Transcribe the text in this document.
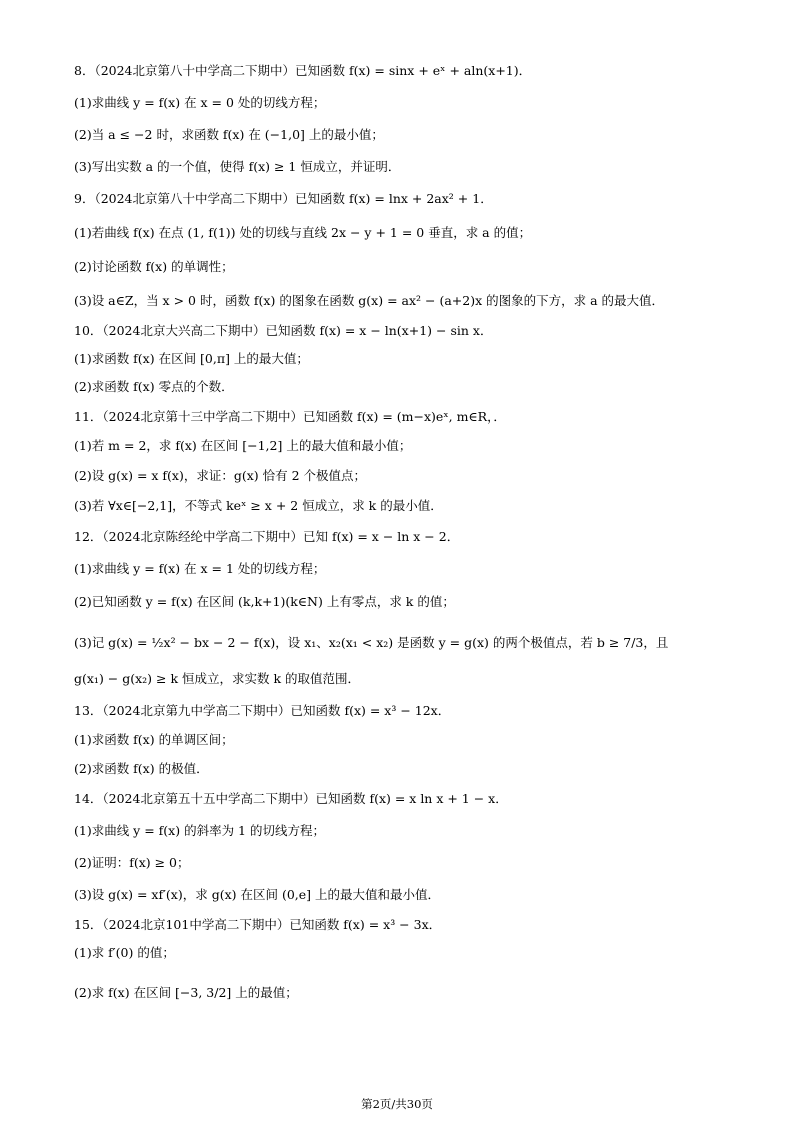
8．（2024北京第八十中学高二下期中）已知函数 f(x) = sinx + eˣ + aln(x+1)．
(1)求曲线 y = f(x) 在 x = 0 处的切线方程；
(2)当 a ≤ −2 时，求函数 f(x) 在 (−1,0] 上的最小值；
(3)写出实数 a 的一个值，使得 f(x) ≥ 1 恒成立，并证明．
9．（2024北京第八十中学高二下期中）已知函数 f(x) = lnx + 2ax² + 1．
(1)若曲线 f(x) 在点 (1, f(1)) 处的切线与直线 2x − y + 1 = 0 垂直，求 a 的值；
(2)讨论函数 f(x) 的单调性；
(3)设 a∈Z，当 x > 0 时，函数 f(x) 的图象在函数 g(x) = ax² − (a+2)x 的图象的下方，求 a 的最大值．
10．（2024北京大兴高二下期中）已知函数 f(x) = x − ln(x+1) − sin x．
(1)求函数 f(x) 在区间 [0,π] 上的最大值；
(2)求函数 f(x) 零点的个数．
11．（2024北京第十三中学高二下期中）已知函数 f(x) = (m−x)eˣ, m∈R，．
(1)若 m = 2，求 f(x) 在区间 [−1,2] 上的最大值和最小值；
(2)设 g(x) = x f(x)，求证：g(x) 恰有 2 个极值点；
(3)若 ∀x∈[−2,1]，不等式 keˣ ≥ x + 2 恒成立，求 k 的最小值．
12．（2024北京陈经纶中学高二下期中）已知 f(x) = x − ln x − 2．
(1)求曲线 y = f(x) 在 x = 1 处的切线方程；
(2)已知函数 y = f(x) 在区间 (k,k+1)(k∈N) 上有零点，求 k 的值；
(3)记 g(x) = ½x² − bx − 2 − f(x)，设 x₁、x₂(x₁ < x₂) 是函数 y = g(x) 的两个极值点，若 b ≥ 7/3，且
g(x₁) − g(x₂) ≥ k 恒成立，求实数 k 的取值范围．
13．（2024北京第九中学高二下期中）已知函数 f(x) = x³ − 12x．
(1)求函数 f(x) 的单调区间；
(2)求函数 f(x) 的极值．
14．（2024北京第五十五中学高二下期中）已知函数 f(x) = x ln x + 1 − x．
(1)求曲线 y = f(x) 的斜率为 1 的切线方程；
(2)证明：f(x) ≥ 0；
(3)设 g(x) = xf′(x)，求 g(x) 在区间 (0,e] 上的最大值和最小值．
15．（2024北京101中学高二下期中）已知函数 f(x) = x³ − 3x．
(1)求 f′(0) 的值；
(2)求 f(x) 在区间 [−3, 3/2] 上的最值；
第2页/共30页
